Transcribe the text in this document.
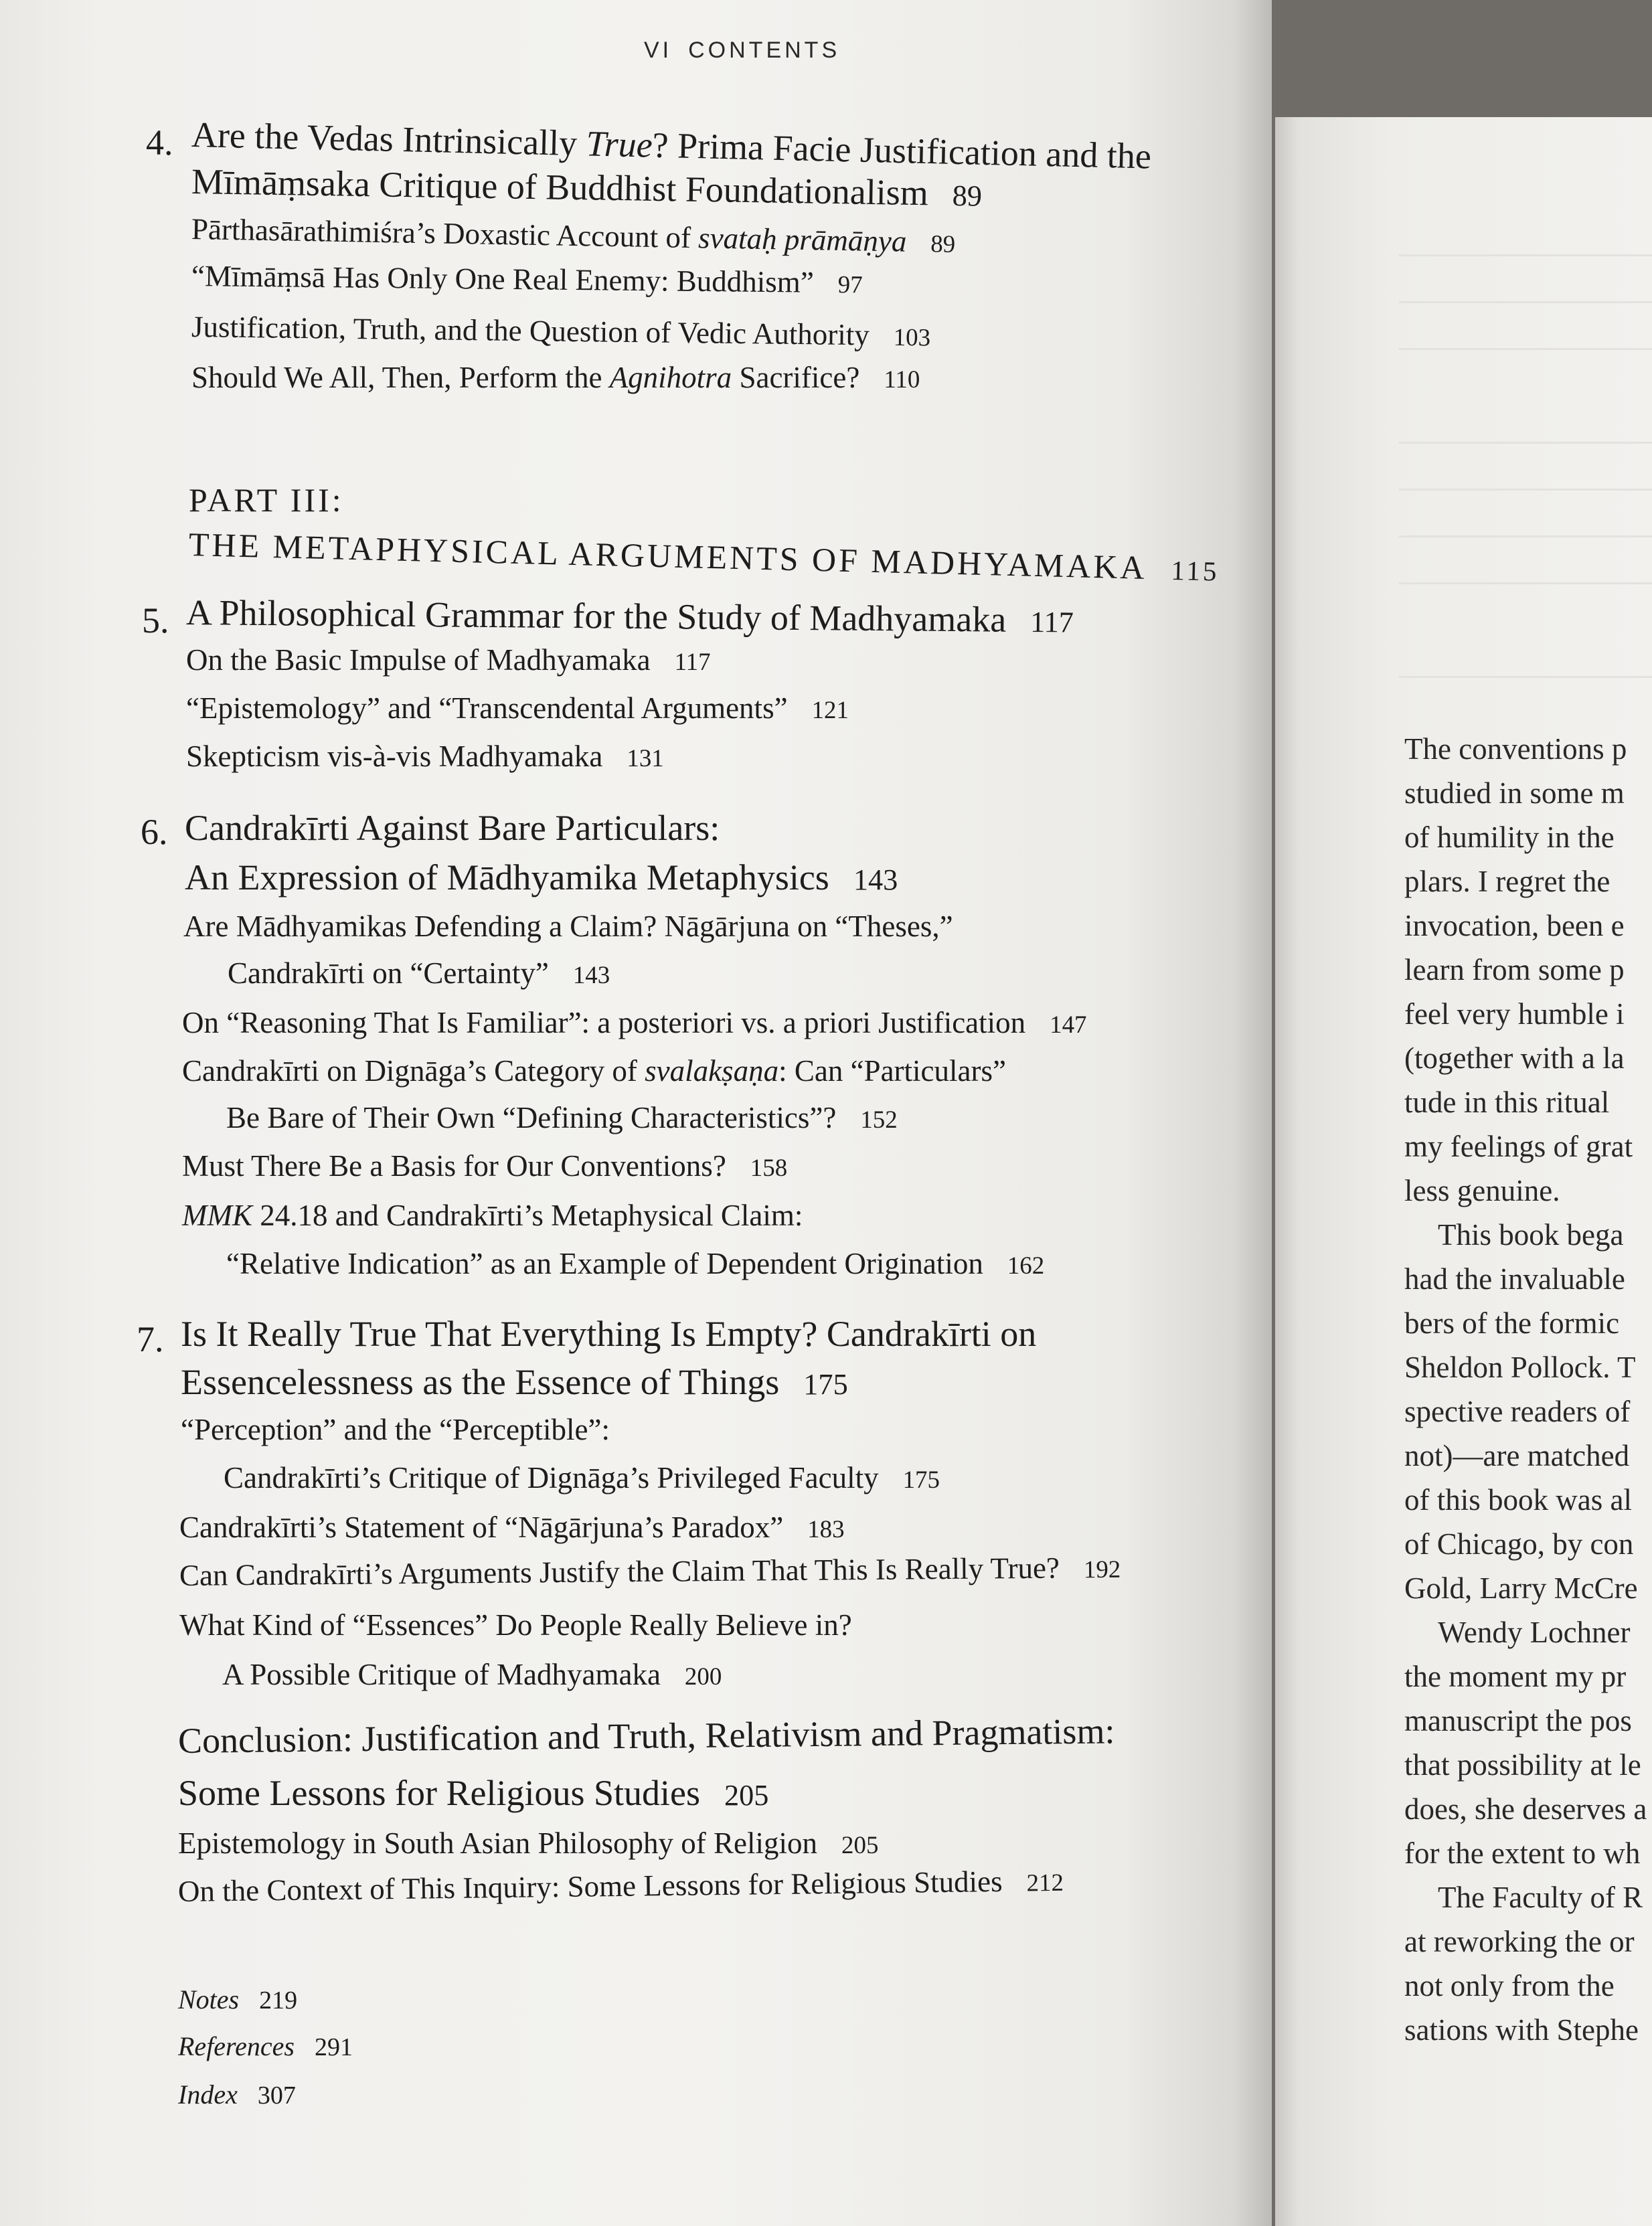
VI CONTENTS
4. Are the Vedas Intrinsically True? Prima Facie Justification and the
Mīmāṃsaka Critique of Buddhist Foundationalism 89
Pārthasārathimiśra’s Doxastic Account of svataḥ prāmāṇya 89
“Mīmāṃsā Has Only One Real Enemy: Buddhism” 97
Justification, Truth, and the Question of Vedic Authority 103
Should We All, Then, Perform the Agnihotra Sacrifice? 110
PART III:
THE METAPHYSICAL ARGUMENTS OF MADHYAMAKA 115
5. A Philosophical Grammar for the Study of Madhyamaka 117
On the Basic Impulse of Madhyamaka 117
“Epistemology” and “Transcendental Arguments” 121
Skepticism vis-à-vis Madhyamaka 131
6. Candrakīrti Against Bare Particulars:
An Expression of Mādhyamika Metaphysics 143
Are Mādhyamikas Defending a Claim? Nāgārjuna on “Theses,”
Candrakīrti on “Certainty” 143
On “Reasoning That Is Familiar”: a posteriori vs. a priori Justification 147
Candrakīrti on Dignāga’s Category of svalakṣaṇa: Can “Particulars”
Be Bare of Their Own “Defining Characteristics”? 152
Must There Be a Basis for Our Conventions? 158
MMK 24.18 and Candrakīrti’s Metaphysical Claim:
“Relative Indication” as an Example of Dependent Origination 162
7. Is It Really True That Everything Is Empty? Candrakīrti on
Essencelessness as the Essence of Things 175
“Perception” and the “Perceptible”:
Candrakīrti’s Critique of Dignāga’s Privileged Faculty 175
Candrakīrti’s Statement of “Nāgārjuna’s Paradox” 183
Can Candrakīrti’s Arguments Justify the Claim That This Is Really True? 192
What Kind of “Essences” Do People Really Believe in?
A Possible Critique of Madhyamaka 200
Conclusion: Justification and Truth, Relativism and Pragmatism:
Some Lessons for Religious Studies 205
Epistemology in South Asian Philosophy of Religion 205
On the Context of This Inquiry: Some Lessons for Religious Studies 212
Notes 219
References 291
Index 307
The conventions p
studied in some m
of humility in the
plars. I regret the
invocation, been e
learn from some p
feel very humble i
(together with a la
tude in this ritual
my feelings of grat
less genuine.
This book bega
had the invaluable
bers of the formic
Sheldon Pollock. T
spective readers of
not)—are matched
of this book was al
of Chicago, by con
Gold, Larry McCre
Wendy Lochner
the moment my pr
manuscript the pos
that possibility at le
does, she deserves a
for the extent to wh
The Faculty of R
at reworking the or
not only from the
sations with Stephe
